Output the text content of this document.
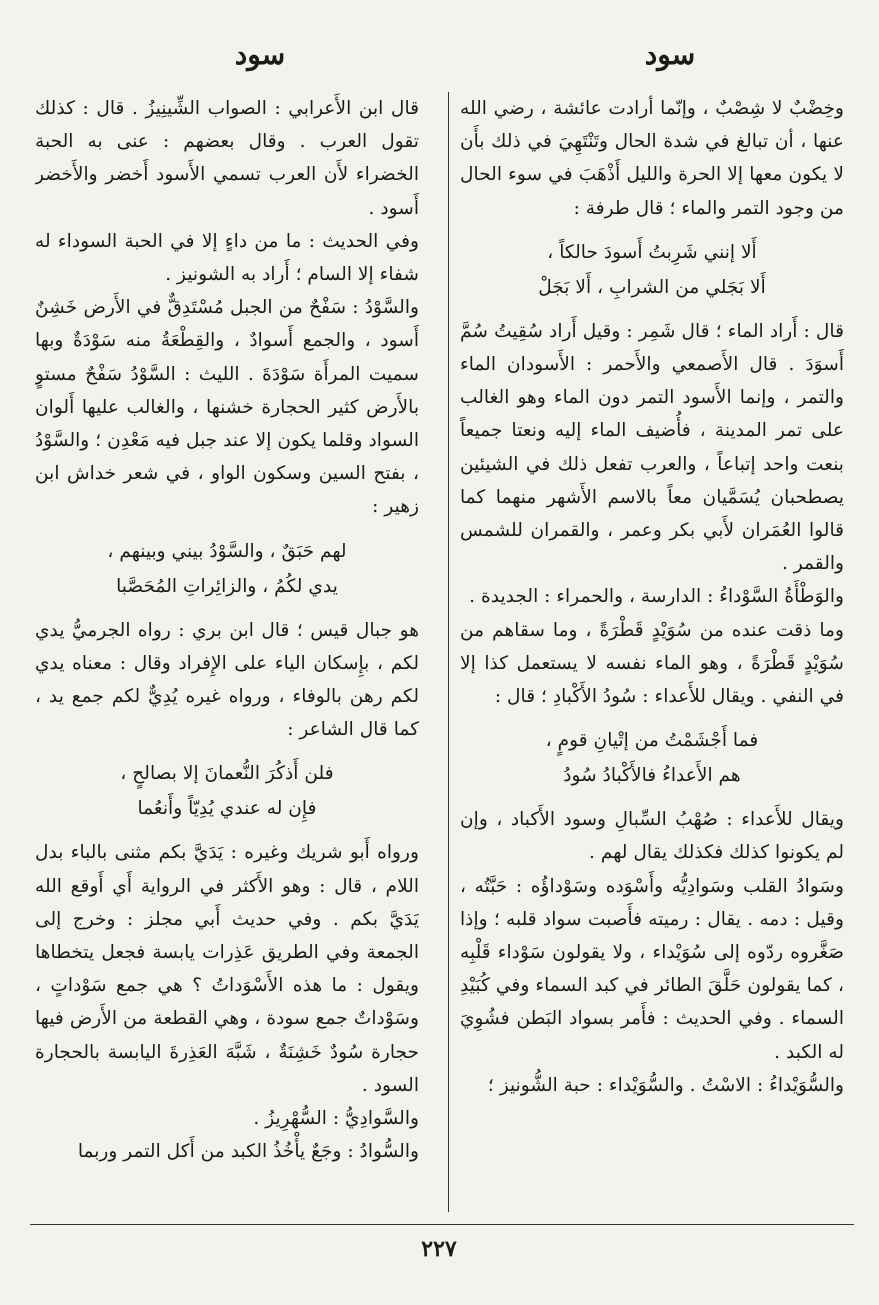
سود
سود

وخِضْبٌ لا شِصْبٌ ، وإنّما أرادت عائشة ، رضي الله عنها ، أن تبالغ في شدة الحال وتَنْتَهِيَ في ذلك بأَن لا يكون معها إلا الحرة والليل أَذْهَبَ في سوء الحال من وجود التمر والماء ؛ قال طرفة :

أَلا إنني شَرِبتُ أَسودَ حالكاً ،
أَلا بَجَلي من الشرابِ ، أَلا بَجَلْ

قال : أَراد الماء ؛ قال شَمِر : وقيل أَراد سُقِيتُ سُمَّ أَسوَدَ . قال الأَصمعي والأَحمر : الأَسودان الماء والتمر ، وإنما الأَسود التمر دون الماء وهو الغالب على تمر المدينة ، فأُضيف الماء إليه ونعتا جميعاً بنعت واحد إتباعاً ، والعرب تفعل ذلك في الشيئين يصطحبان يُسَمَّيان معاً بالاسم الأَشهر منهما كما قالوا العُمَران لأَبي بكر وعمر ، والقمران للشمس والقمر .

والوَطْأَةُ السَّوْداءُ : الدارسة ، والحمراء : الجديدة .

وما ذقت عنده من سُوَيْدٍ قَطْرَةً ، وما سقاهم من سُوَيْدٍ قَطْرَةً ، وهو الماء نفسه لا يستعمل كذا إلا في النفي . ويقال للأَعداء : سُودُ الأَكْبادِ ؛ قال :

فما أَجْشَمْتُ من إتْيانِ قومٍ ،
هم الأَعداءُ فالأَكْبادُ سُودُ

ويقال للأَعداء : صُهْبُ السِّبالِ وسود الأَكباد ، وإن لم يكونوا كذلك فكذلك يقال لهم .

وسَوادُ القلب وسَوادِيُّه وأَسْوَده وسَوْداؤُه : حَبَّتُه ، وقيل : دمه . يقال : رميته فأَصبت سواد قلبه ؛ وإذا صَغَّروه ردّوه إلى سُوَيْداء ، ولا يقولون سَوْداء قَلْبِه ، كما يقولون حَلَّقَ الطائر في كبد السماء وفي كُبَيْدِ السماء . وفي الحديث : فأَمر بسواد البَطن فشُوِيَ له الكبد .

والسُّوَيْداءُ : الاسْتُ . والسُّوَيْداء : حبة الشُّونيز ؛

قال ابن الأَعرابي : الصواب الشِّينِيزُ . قال : كذلك تقول العرب . وقال بعضهم : عنى به الحبة الخضراء لأَن العرب تسمي الأَسود أَخضر والأَخضر أَسود .

وفي الحديث : ما من داءٍ إلا في الحبة السوداء له شفاء إلا السام ؛ أَراد به الشونيز .

والسَّوْدُ : سَفْحٌ من الجبل مُسْتَدِقٌّ في الأَرض خَشِنٌ أَسود ، والجمع أَسوادٌ ، والقِطْعَةُ منه سَوْدَةٌ وبها سميت المرأَة سَوْدَةَ . الليث : السَّوْدُ سَفْحٌ مستوٍ بالأَرض كثير الحجارة خشنها ، والغالب عليها أَلوان السواد وقلما يكون إلا عند جبل فيه مَعْدِن ؛ والسَّوْدُ ، بفتح السين وسكون الواو ، في شعر خداش ابن زهير :

لهم حَبَقٌ ، والسَّوْدُ بيني وبينهم ،
يدي لكُمُ ، والزائِراتِ المُحَصَّبا

هو جبال قيس ؛ قال ابن بري : رواه الجرميُّ يدي لكم ، بإِسكان الياء على الإِفراد وقال : معناه يدي لكم رهن بالوفاء ، ورواه غيره يُدِيٌّ لكم جمع يد ، كما قال الشاعر :

فلن أَذكُرَ النُّعمانَ إلا بصالحٍ ،
فإِن له عندي يُدِيّاً وأَنعُما

ورواه أَبو شريك وغيره : يَدَيَّ بكم مثنى بالباء بدل اللام ، قال : وهو الأَكثر في الرواية أَي أَوقع الله يَدَيَّ بكم . وفي حديث أَبي مجلز : وخرج إلى الجمعة وفي الطريق عَذِرات يابسة فجعل يتخطاها ويقول : ما هذه الأَسْوَداتُ ؟ هي جمع سَوْداتٍ ، وسَوْداتٌ جمع سودة ، وهي القطعة من الأَرض فيها حجارة سُودٌ خَشِنَةٌ ، شَبَّهَ العَذِرةَ اليابسة بالحجارة السود .

والسَّوادِيُّ : السُّهْرِيزُ .

والسُّوادُ : وجَعٌ يأْخُذُ الكبد من أَكل التمر وربما

٢٢٧
